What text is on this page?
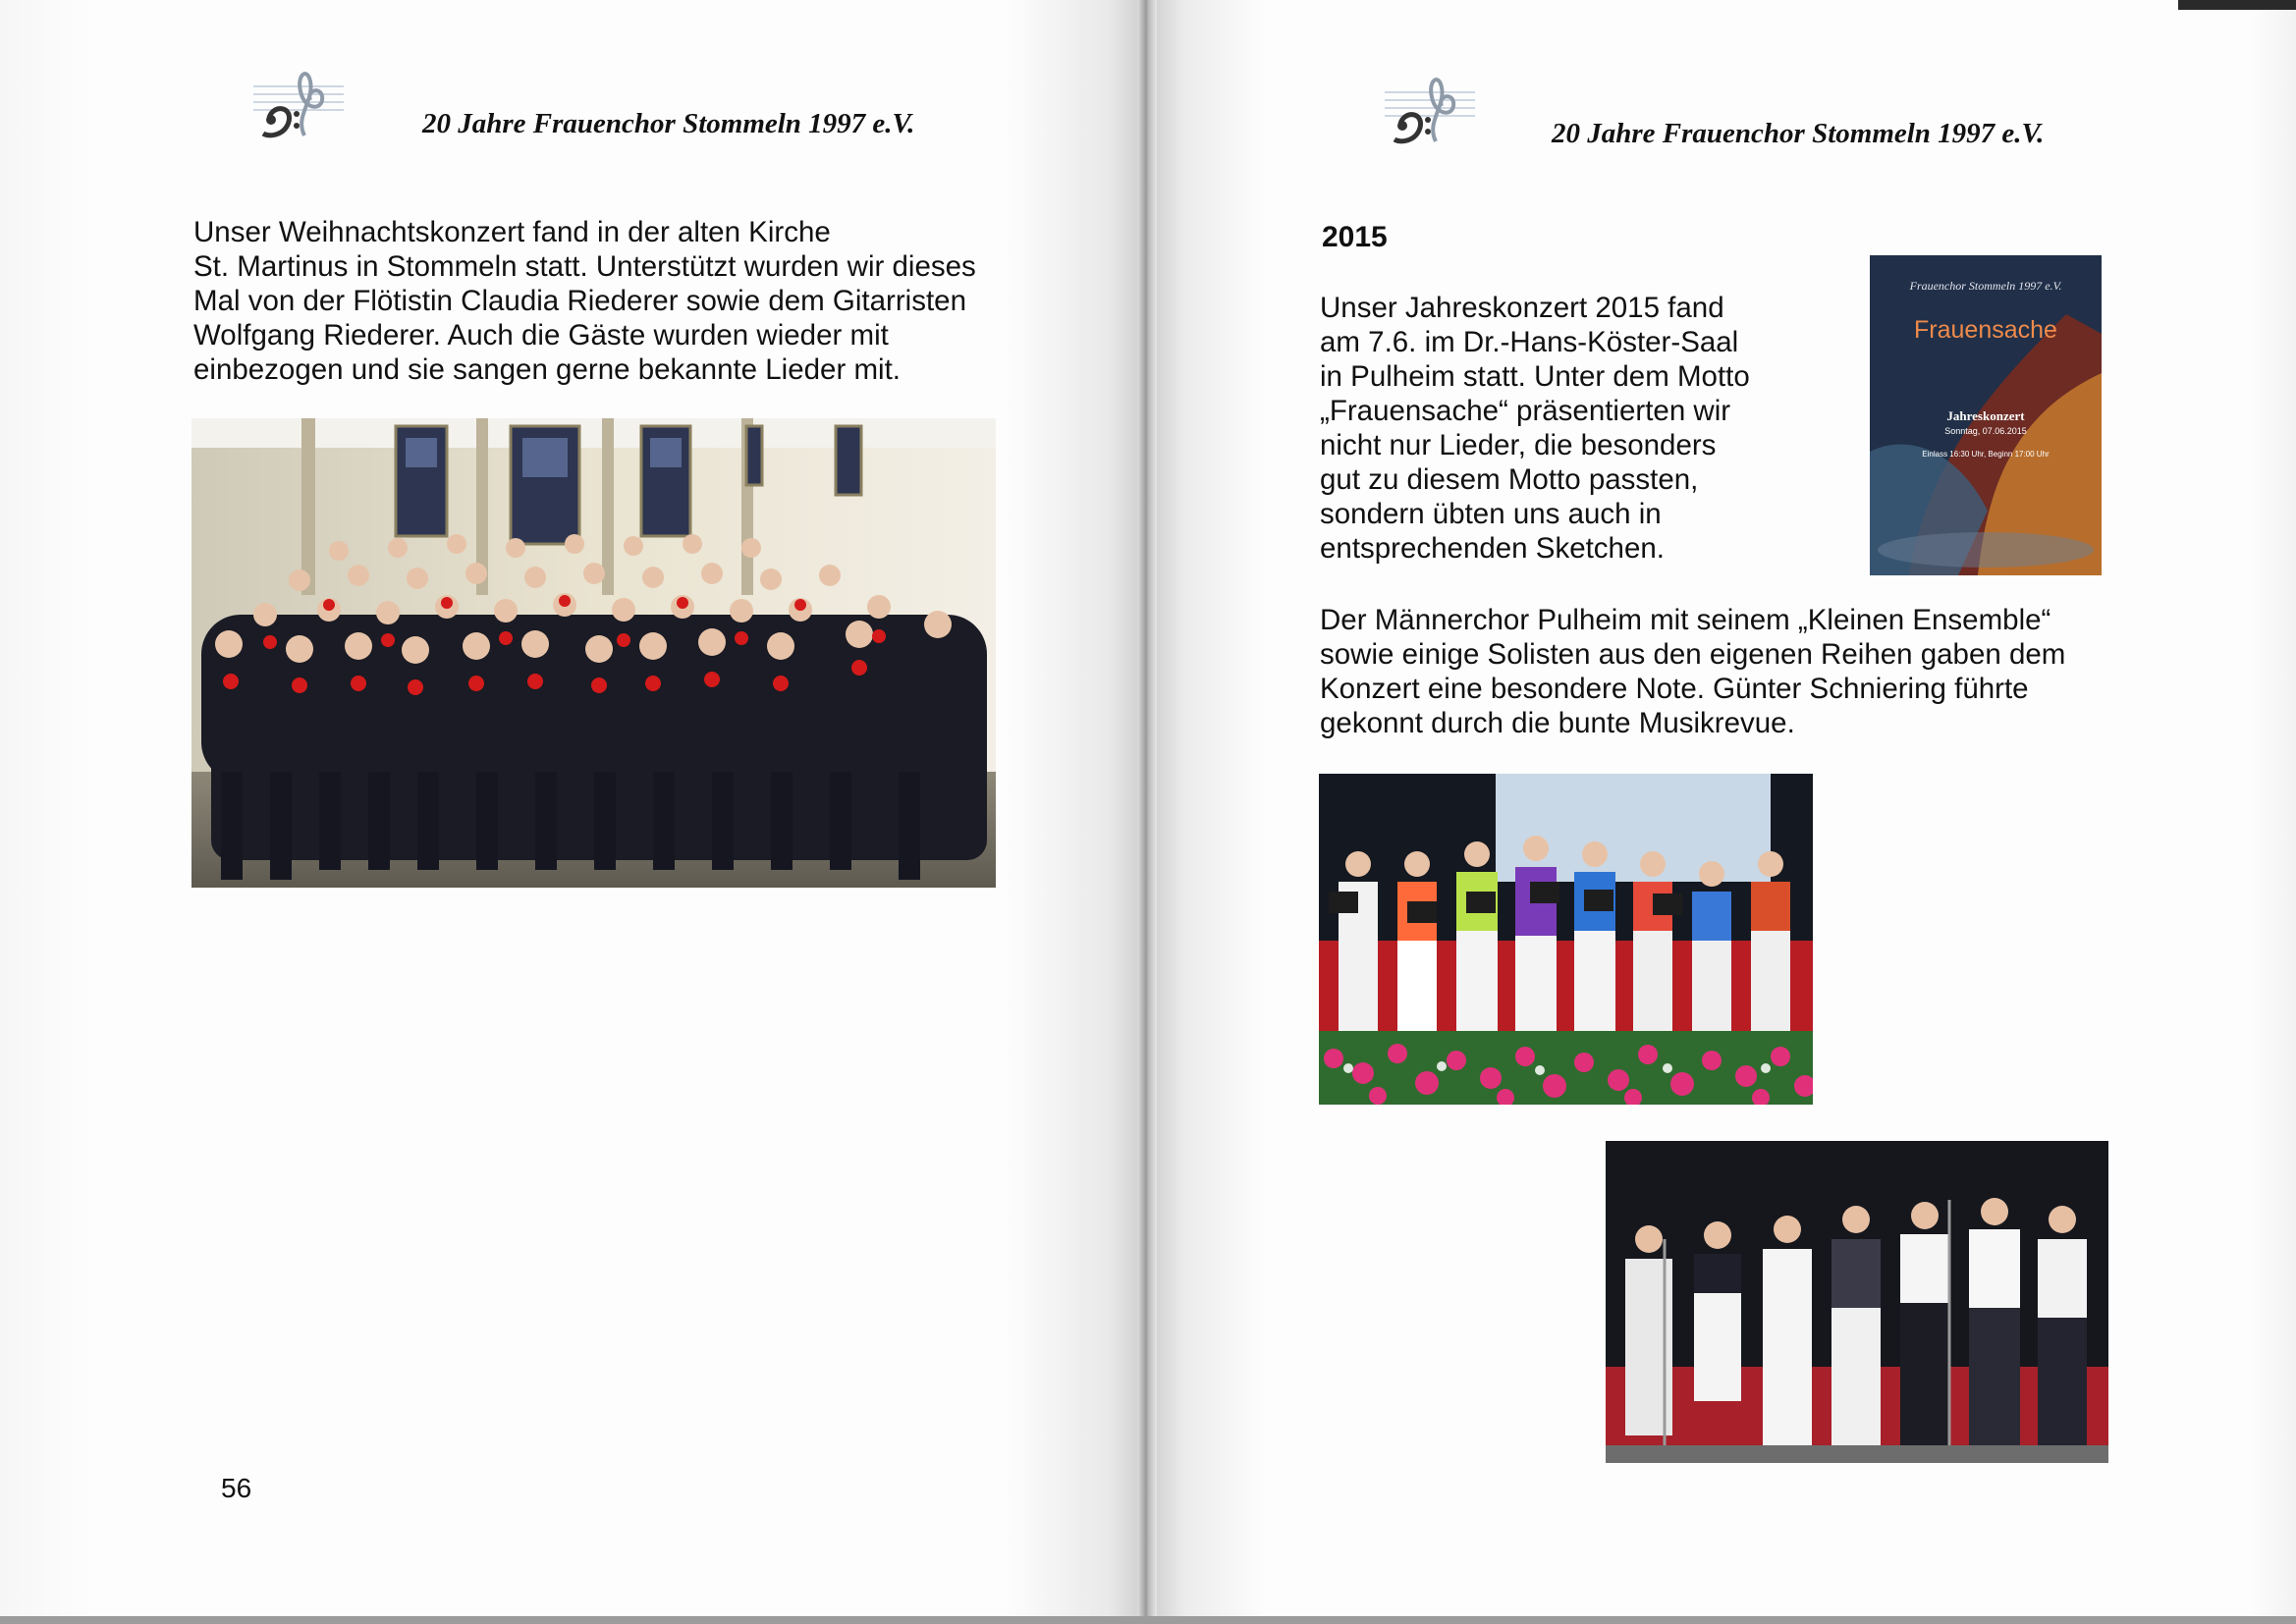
20 Jahre Frauenchor Stommeln 1997 e.V.

Unser Weihnachtskonzert fand in der alten Kirche

St. Martinus in Stommeln statt. Unterstützt wurden wir dieses

Mal von der Flötistin Claudia Riederer sowie dem Gitarristen

Wolfgang Riederer. Auch die Gäste wurden wieder mit

einbezogen und sie sangen gerne bekannte Lieder mit.

56
20 Jahre Frauenchor Stommeln 1997 e.V.
2015

Unser Jahreskonzert 2015 fand

am 7.6. im Dr.-Hans-Köster-Saal

in Pulheim statt. Unter dem Motto

„Frauensache“ präsentierten wir

nicht nur Lieder, die besonders

gut zu diesem Motto passten,

sondern übten uns auch in

entsprechenden Sketchen.

Frauenchor Stommeln 1997 e.V.
Frauensache
Jahreskonzert
Sonntag, 07.06.2015
Einlass 16:30 Uhr, Beginn 17:00 Uhr

Der Männerchor Pulheim mit seinem „Kleinen Ensemble“

sowie einige Solisten aus den eigenen Reihen gaben dem

Konzert eine besondere Note. Günter Schniering führte

gekonnt durch die bunte Musikrevue.
